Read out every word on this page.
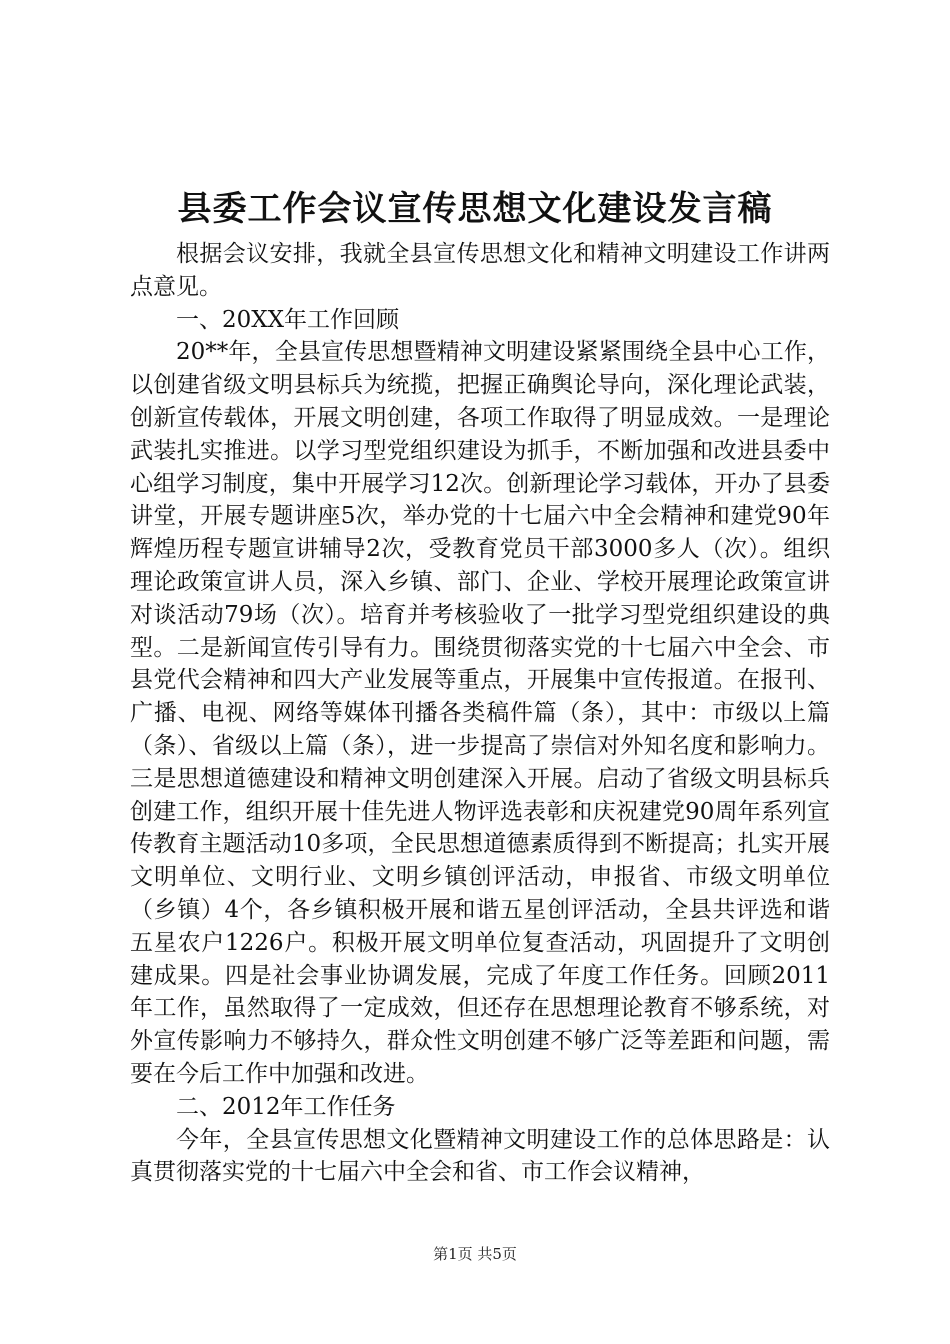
县委工作会议宣传思想文化建设发言稿

根据会议安排，我就全县宣传思想文化和精神文明建设工作讲两点意见。

一、20XX年工作回顾

20**年，全县宣传思想暨精神文明建设紧紧围绕全县中心工作，以创建省级文明县标兵为统揽，把握正确舆论导向，深化理论武装，创新宣传载体，开展文明创建，各项工作取得了明显成效。一是理论武装扎实推进。以学习型党组织建设为抓手，不断加强和改进县委中心组学习制度，集中开展学习12次。创新理论学习载体，开办了县委讲堂，开展专题讲座5次，举办党的十七届六中全会精神和建党90年辉煌历程专题宣讲辅导2次，受教育党员干部3000多人（次）。组织理论政策宣讲人员，深入乡镇、部门、企业、学校开展理论政策宣讲对谈活动79场（次）。培育并考核验收了一批学习型党组织建设的典型。二是新闻宣传引导有力。围绕贯彻落实党的十七届六中全会、市县党代会精神和四大产业发展等重点，开展集中宣传报道。在报刊、广播、电视、网络等媒体刊播各类稿件篇（条），其中：市级以上篇（条）、省级以上篇（条），进一步提高了崇信对外知名度和影响力。三是思想道德建设和精神文明创建深入开展。启动了省级文明县标兵创建工作，组织开展十佳先进人物评选表彰和庆祝建党90周年系列宣传教育主题活动10多项，全民思想道德素质得到不断提高；扎实开展文明单位、文明行业、文明乡镇创评活动，申报省、市级文明单位（乡镇）4个，各乡镇积极开展和谐五星创评活动，全县共评选和谐五星农户1226户。积极开展文明单位复查活动，巩固提升了文明创建成果。四是社会事业协调发展，完成了年度工作任务。回顾2011年工作，虽然取得了一定成效，但还存在思想理论教育不够系统，对外宣传影响力不够持久，群众性文明创建不够广泛等差距和问题，需要在今后工作中加强和改进。

二、2012年工作任务

今年，全县宣传思想文化暨精神文明建设工作的总体思路是：认真贯彻落实党的十七届六中全会和省、市工作会议精神，

第1页 共5页
